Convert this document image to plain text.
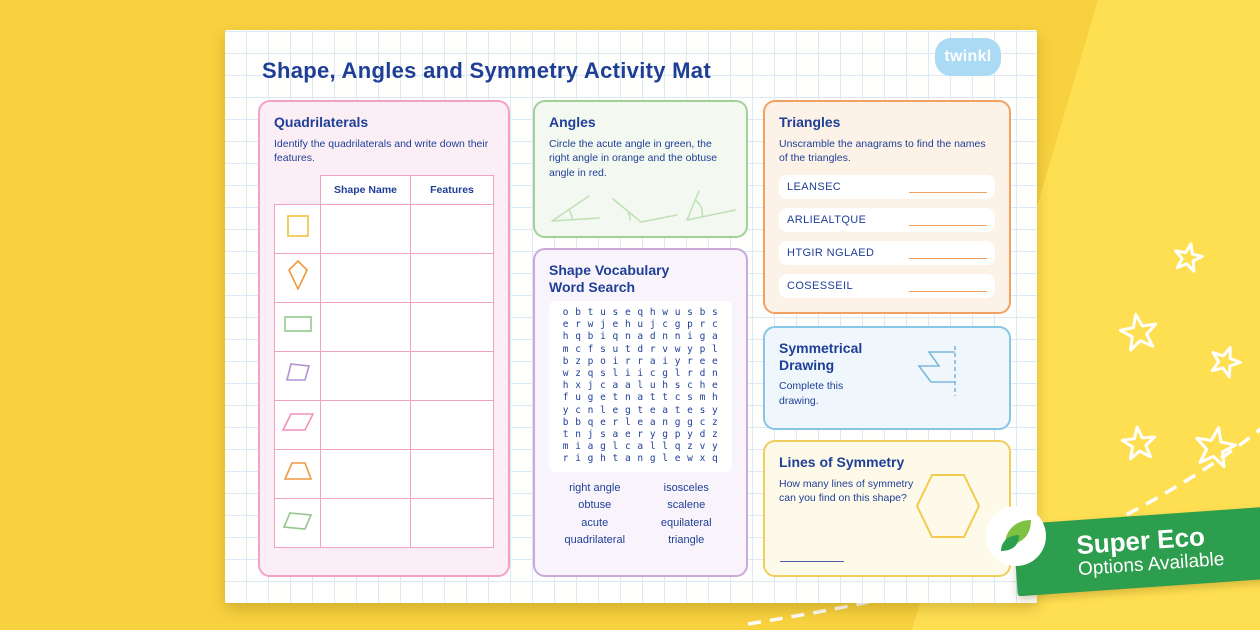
Shape, Angles and Symmetry Activity Mat
twinkl
Quadrilaterals

Identify the quadrilaterals and write down their features.

	Shape Name	Features

Angles

Circle the acute angle in green, the right angle in orange and the obtuse angle in red.

Shape Vocabulary Word Search
o b t u s e q h w u s b s
e r w j e h u j c g p r c
h q b i q n a d n n i g a
m c f s u t d r v w y p l
b z p o i r r a i y r e e
w z q s l i i c g l r d n
h x j c a a l u h s c h e
f u g e t n a t t c s m h
y c n l e g t e a t e s y
b b q e r l e a n g g c z
t n j s a e r y g p y d z
m i a g l c a l l q z v y
r i g h t a n g l e w x q
right angle
obtuse
acute
quadrilateral
isosceles
scalene
equilateral
triangle
Triangles

Unscramble the anagrams to find the names of the triangles.

LEANSEC
ARLIEALTQUE
HTGIR NGLAED
COSESSEIL
Symmetrical Drawing

Complete this drawing.

Lines of Symmetry

How many lines of symmetry can you find on this shape?

Super Eco
Options Available
